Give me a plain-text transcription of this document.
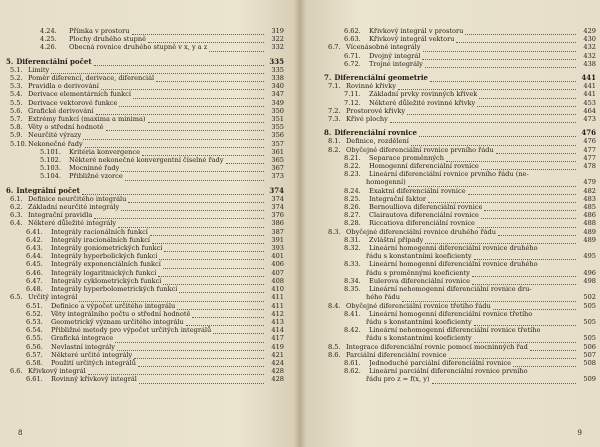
4.24.	Přímka v prostoru	319
4.25.	Plochy druhého stupně	322
4.26.	Obecná rovnice druhého stupně v x, y a z	332
5. Diferenciální počet	335
5.1. Limity	335
5.2. Poměr diferencí, derivace, diferenciál	338
5.3. Pravidla o derivování	340
5.4. Derivace elementárních funkcí	347
5.5. Derivace vektorové funkce	349
5.6. Grafické derivování	350
5.7. Extrémy funkcí (maxima a minima)	351
5.8. Věty o střední hodnotě	355
5.9. Neurčité výrazy	356
5.10. Nekonečné řady	357
5.101.	Kritéria konvergence	361
5.102.	Některé nekonečné konvergentní číselné řady	365
5.103.	Mocninné řady	367
5.104.	Přibližné vzorce	373
6. Integrální počet	374
6.1. Definice neurčitého integrálu	374
6.2. Základní neurčité integrály	374
6.3. Integrační pravidla	376
6.4. Některé důležité integrály	386
6.41.	Integrály racionálních funkcí	387
6.42.	Integrály iracionálních funkcí	391
6.43.	Integrály goniometrických funkcí	393
6.44.	Integrály hyperbolických funkcí	401
6.45.	Integrály exponenciálních funkcí	406
6.46.	Integrály logaritmických funkcí	407
6.47.	Integrály cyklometrických funkcí	408
6.48.	Integrály hyperbolometrických funkcí	410
6.5. Určitý integrál	411
6.51.	Definice a výpočet určitého integrálu	411
6.52.	Věty integrálního počtu o střední hodnotě	412
6.53.	Geometrický význam určitého integrálu	413
6.54.	Přibližné metody pro výpočet určitých integrálů	414
6.55.	Grafická integrace	417
6.56.	Nevlastní integrály	419
6.57.	Některé určité integrály	421
6.58.	Použití určitých integrálů	424
6.6. Křivkový integrál	428
6.61.	Rovinný křivkový integrál	428
8
6.62.	Křivkový integrál v prostoru	429
6.63.	Křivkový integrál vektoru	430
6.7. Vícenásobné integrály	432
6.71.	Dvojný integrál	432
6.72.	Trojné integrály	438
7. Diferenciální geometrie	441
7.1. Rovinné křivky	441
7.11.	Základní prvky rovinných křivek	441
7.12.	Některé důležité rovinné křivky	453
7.2. Prostorové křivky	464
7.3. Křivé plochy	473
8. Diferenciální rovnice	476
8.1. Definice, rozdělení	476
8.2. Obyčejné diferenciální rovnice prvního řádu	477
8.21.	Separace proměnných	477
8.22.	Homogenní diferenciální rovnice	478
8.23.	Lineární diferenciální rovnice prvního řádu (ne-
homogenní)	479
8.24.	Exaktní diferenciální rovnice	482
8.25.	Integrační faktor	483
8.26.	Bernoulliova diferenciální rovnice	485
8.27.	Clairautova diferenciální rovnice	486
8.28.	Riccatiova diferenciální rovnice	488
8.3. Obyčejné diferenciální rovnice druhého řádu	489
8.31.	Zvláštní případy	489
8.32.	Lineární homogenní diferenciální rovnice druhého
řádu s konstantními koeficienty	495
8.33.	Lineární homogenní diferenciální rovnice druhého
řádu s proměnnými koeficienty	496
8.34.	Eulerova diferenciální rovnice	498
8.35.	Lineární nehomogenní diferenciální rovnice dru-
hého řádu	502
8.4. Obyčejné diferenciální rovnice třetího řádu	505
8.41.	Lineární homogenní diferenciální rovnice třetího
řádu s konstantními koeficienty	505
8.42.	Lineární nehomogenní diferenciální rovnice třetího
řádu s konstantními koeficienty	505
8.5. Integrace diferenciální rovnic pomocí mocninných řad	506
8.6. Parciální diferenciální rovnice	507
8.61.	Jednoduché parciální diferenciální rovnice	508
8.62.	Lineární parciální diferenciální rovnice prvního
řádu pro z = f(x, y)	509
9
